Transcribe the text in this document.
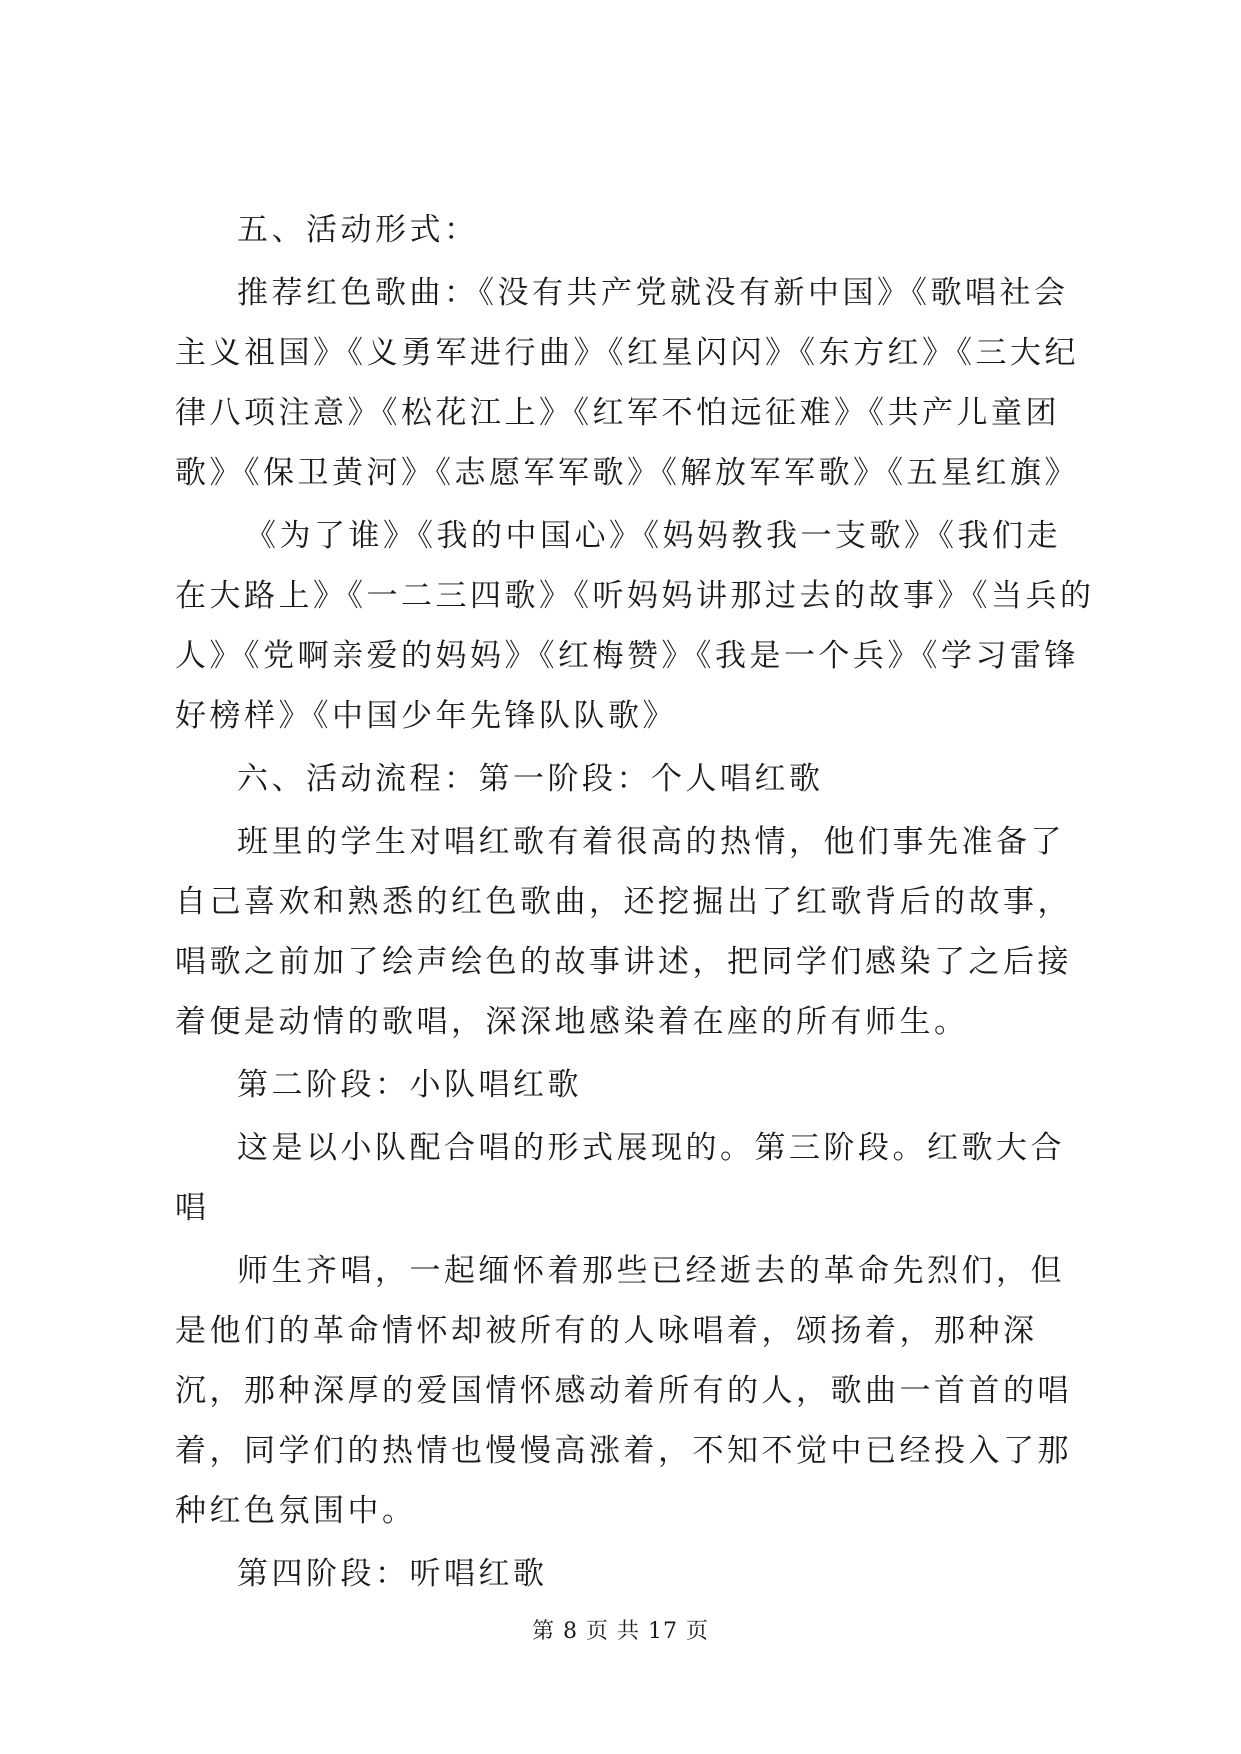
五、活动形式：

推荐红色歌曲：《没有共产党就没有新中国》《歌唱社会主义祖国》《义勇军进行曲》《红星闪闪》《东方红》《三大纪律八项注意》《松花江上》《红军不怕远征难》《共产儿童团歌》《保卫黄河》《志愿军军歌》《解放军军歌》《五星红旗》

《为了谁》《我的中国心》《妈妈教我一支歌》《我们走在大路上》《一二三四歌》《听妈妈讲那过去的故事》《当兵的人》《党啊亲爱的妈妈》《红梅赞》《我是一个兵》《学习雷锋好榜样》《中国少年先锋队队歌》

六、活动流程：第一阶段：个人唱红歌

班里的学生对唱红歌有着很高的热情，他们事先准备了自己喜欢和熟悉的红色歌曲，还挖掘出了红歌背后的故事，唱歌之前加了绘声绘色的故事讲述，把同学们感染了之后接着便是动情的歌唱，深深地感染着在座的所有师生。

第二阶段：小队唱红歌

这是以小队配合唱的形式展现的。第三阶段。红歌大合唱

师生齐唱，一起缅怀着那些已经逝去的革命先烈们，但是他们的革命情怀却被所有的人咏唱着，颂扬着，那种深沉，那种深厚的爱国情怀感动着所有的人，歌曲一首首的唱着，同学们的热情也慢慢高涨着，不知不觉中已经投入了那种红色氛围中。

第四阶段：听唱红歌

第 8 页 共 17 页
